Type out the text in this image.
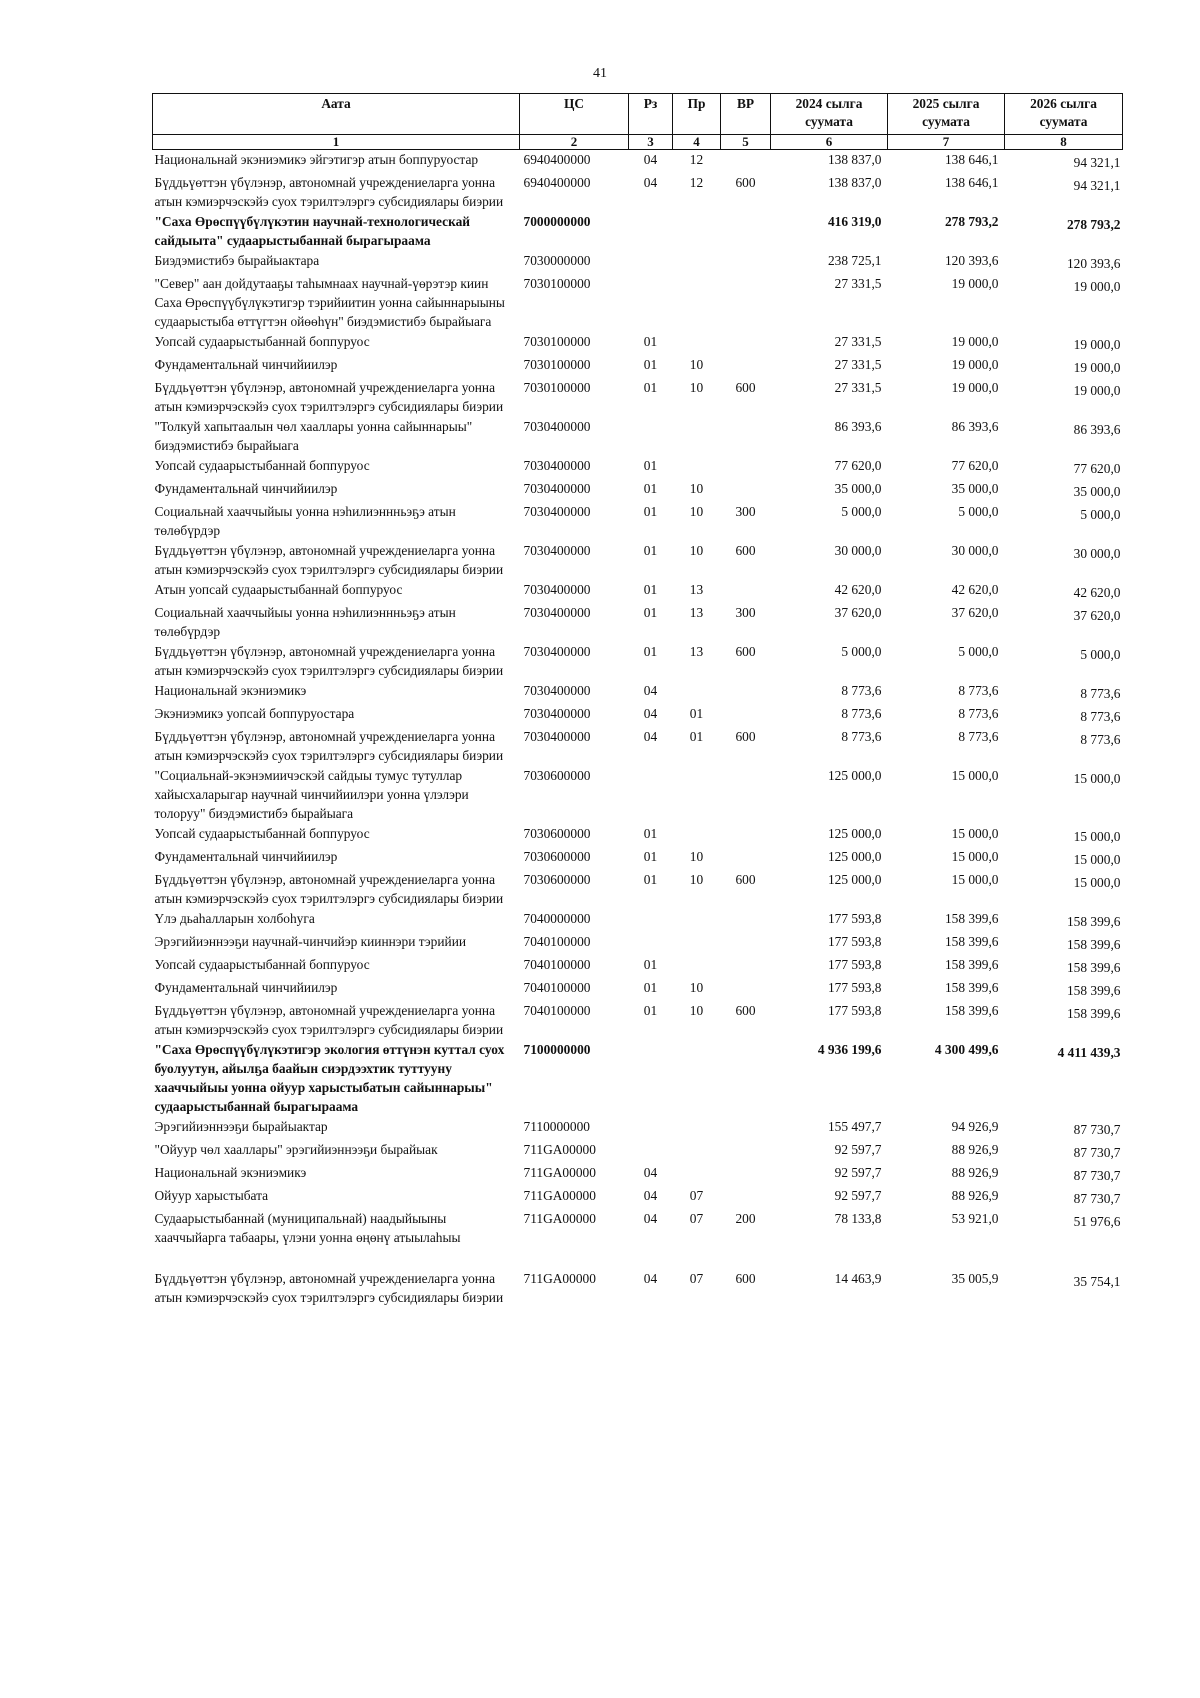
41
Аата	ЦС	Рз	Пр	ВР	2024 сылга суумата	2025 сылга суумата	2026 сылга суумата
1	2	3	4	5	6	7	8
Национальнай экэниэмикэ эйгэтигэр атын боппуруостар	6940400000	04	12		138 837,0	138 646,1	94 321,1
Бүддьүөттэн үбүлэнэр, автономнай учреждениеларга уонна атын кэмиэрчэскэйэ суох тэрилтэлэргэ субсидиялары биэрии	6940400000	04	12	600	138 837,0	138 646,1	94 321,1
"Саха Өрөспүүбүлүкэтин научнай-технологическай сайдыыта" судаарыстыбаннай бырагыраама	7000000000				416 319,0	278 793,2	278 793,2
Биэдэмистибэ бырайыактара	7030000000				238 725,1	120 393,6	120 393,6
"Север" аан дойдутааҕы таһымнаах научнай-үөрэтэр киин Саха Өрөспүүбүлүкэтигэр тэрийиитин уонна сайыннарыыны судаарыстыба өттүгтэн ойөөһүн" биэдэмистибэ бырайыага	7030100000				27 331,5	19 000,0	19 000,0
Уопсай судаарыстыбаннай боппуруос	7030100000	01			27 331,5	19 000,0	19 000,0
Фундаментальнай чинчийиилэр	7030100000	01	10		27 331,5	19 000,0	19 000,0
Бүддьүөттэн үбүлэнэр, автономнай учреждениеларга уонна атын кэмиэрчэскэйэ суох тэрилтэлэргэ субсидиялары биэрии	7030100000	01	10	600	27 331,5	19 000,0	19 000,0
"Толкуй хапытаалын чөл хааллары уонна сайыннарыы" биэдэмистибэ бырайыага	7030400000				86 393,6	86 393,6	86 393,6
Уопсай судаарыстыбаннай боппуруос	7030400000	01			77 620,0	77 620,0	77 620,0
Фундаментальнай чинчийиилэр	7030400000	01	10		35 000,0	35 000,0	35 000,0
Социальнай хааччыйыы уонна нэһилиэннньэҕэ атын төлөбүрдэр	7030400000	01	10	300	5 000,0	5 000,0	5 000,0
Бүддьүөттэн үбүлэнэр, автономнай учреждениеларга уонна атын кэмиэрчэскэйэ суох тэрилтэлэргэ субсидиялары биэрии	7030400000	01	10	600	30 000,0	30 000,0	30 000,0
Атын уопсай судаарыстыбаннай боппуруос	7030400000	01	13		42 620,0	42 620,0	42 620,0
Социальнай хааччыйыы уонна нэһилиэннньэҕэ атын төлөбүрдэр	7030400000	01	13	300	37 620,0	37 620,0	37 620,0
Бүддьүөттэн үбүлэнэр, автономнай учреждениеларга уонна атын кэмиэрчэскэйэ суох тэрилтэлэргэ субсидиялары биэрии	7030400000	01	13	600	5 000,0	5 000,0	5 000,0
Национальнай экэниэмикэ	7030400000	04			8 773,6	8 773,6	8 773,6
Экэниэмикэ уопсай боппуруостара	7030400000	04	01		8 773,6	8 773,6	8 773,6
Бүддьүөттэн үбүлэнэр, автономнай учреждениеларга уонна атын кэмиэрчэскэйэ суох тэрилтэлэргэ субсидиялары биэрии	7030400000	04	01	600	8 773,6	8 773,6	8 773,6
"Социальнай-экэнэмиичэскэй сайдыы тумус тутуллар хайысхаларыгар научнай чинчийиилэри уонна үлэлэри толоруу" биэдэмистибэ бырайыага	7030600000				125 000,0	15 000,0	15 000,0
Уопсай судаарыстыбаннай боппуруос	7030600000	01			125 000,0	15 000,0	15 000,0
Фундаментальнай чинчийиилэр	7030600000	01	10		125 000,0	15 000,0	15 000,0
Бүддьүөттэн үбүлэнэр, автономнай учреждениеларга уонна атын кэмиэрчэскэйэ суох тэрилтэлэргэ субсидиялары биэрии	7030600000	01	10	600	125 000,0	15 000,0	15 000,0
Үлэ дьаһалларын холбоһуга	7040000000				177 593,8	158 399,6	158 399,6
Эрэгийиэннээҕи научнай-чинчийэр кииннэри тэрийии	7040100000				177 593,8	158 399,6	158 399,6
Уопсай судаарыстыбаннай боппуруос	7040100000	01			177 593,8	158 399,6	158 399,6
Фундаментальнай чинчийиилэр	7040100000	01	10		177 593,8	158 399,6	158 399,6
Бүддьүөттэн үбүлэнэр, автономнай учреждениеларга уонна атын кэмиэрчэскэйэ суох тэрилтэлэргэ субсидиялары биэрии	7040100000	01	10	600	177 593,8	158 399,6	158 399,6
"Саха Өрөспүүбүлүкэтигэр экология өттүнэн куттал суох буолуутун, айылҕа баайын сиэрдээхтик туттууну хааччыйыы уонна ойуур харыстыбатын сайыннарыы" судаарыстыбаннай бырагыраама	7100000000				4 936 199,6	4 300 499,6	4 411 439,3
Эрэгийиэннээҕи бырайыактар	7110000000				155 497,7	94 926,9	87 730,7
"Ойуур чөл хааллары" эрэгийиэннээҕи бырайыак	711GA00000				92 597,7	88 926,9	87 730,7
Национальнай экэниэмикэ	711GA00000	04			92 597,7	88 926,9	87 730,7
Ойуур харыстыбата	711GA00000	04	07		92 597,7	88 926,9	87 730,7
Судаарыстыбаннай (муниципальнай) наадыйыыны хааччыйарга табаары, үлэни уонна өңөнү атыылаһыы	711GA00000	04	07	200	78 133,8	53 921,0	51 976,6
Бүддьүөттэн үбүлэнэр, автономнай учреждениеларга уонна атын кэмиэрчэскэйэ суох тэрилтэлэргэ субсидиялары биэрии	711GA00000	04	07	600	14 463,9	35 005,9	35 754,1
